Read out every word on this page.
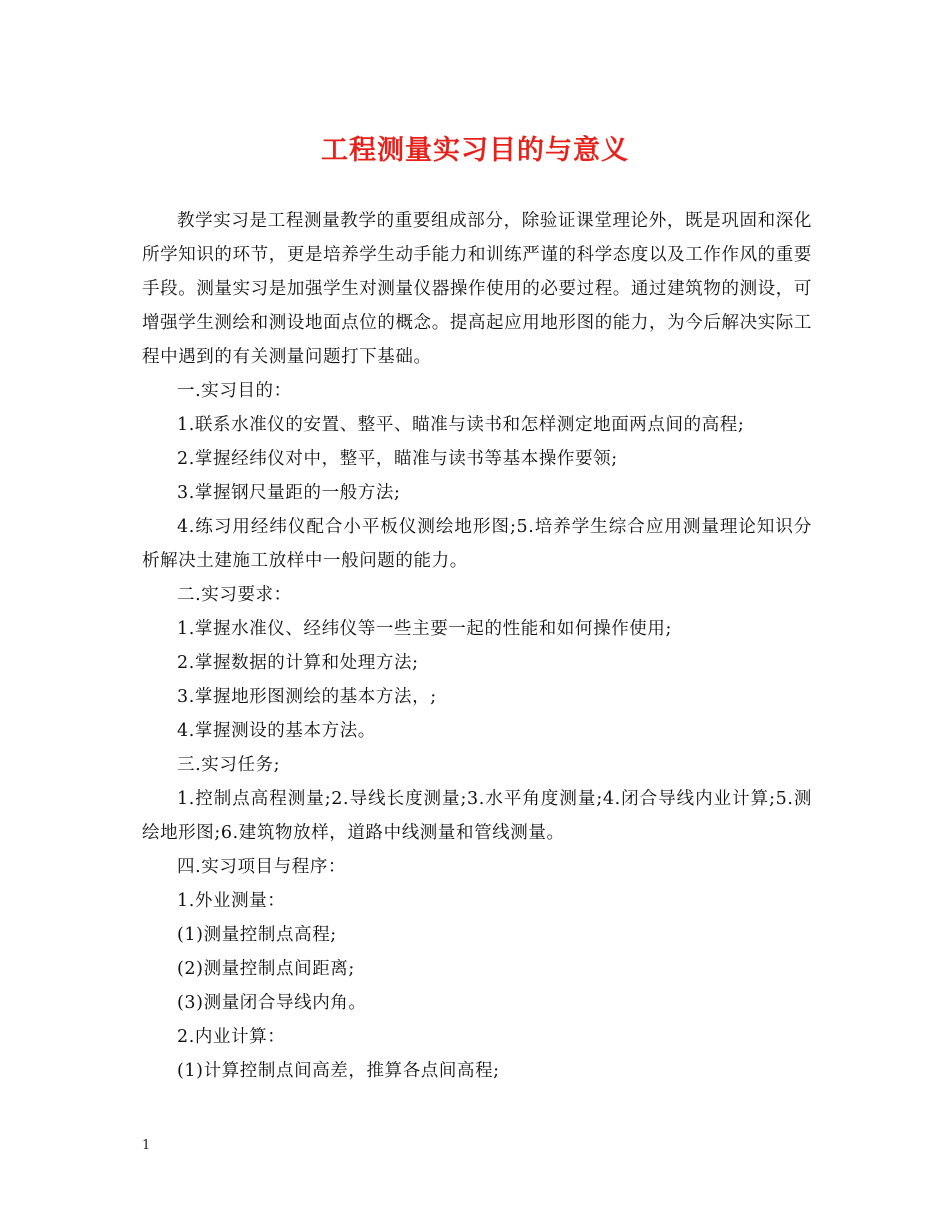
工程测量实习目的与意义

教学实习是工程测量教学的重要组成部分，除验证课堂理论外，既是巩固和深化所学知识的环节，更是培养学生动手能力和训练严谨的科学态度以及工作作风的重要手段。测量实习是加强学生对测量仪器操作使用的必要过程。通过建筑物的测设，可增强学生测绘和测设地面点位的概念。提高起应用地形图的能力，为今后解决实际工程中遇到的有关测量问题打下基础。

一.实习目的：

1.联系水准仪的安置、整平、瞄准与读书和怎样测定地面两点间的高程;

2.掌握经纬仪对中，整平，瞄准与读书等基本操作要领;

3.掌握钢尺量距的一般方法;

4.练习用经纬仪配合小平板仪测绘地形图;5.培养学生综合应用测量理论知识分析解决土建施工放样中一般问题的能力。

二.实习要求：

1.掌握水准仪、经纬仪等一些主要一起的性能和如何操作使用;

2.掌握数据的计算和处理方法;

3.掌握地形图测绘的基本方法，;

4.掌握测设的基本方法。

三.实习任务;

1.控制点高程测量;2.导线长度测量;3.水平角度测量;4.闭合导线内业计算;5.测绘地形图;6.建筑物放样，道路中线测量和管线测量。

四.实习项目与程序：

1.外业测量：

(1)测量控制点高程;

(2)测量控制点间距离;

(3)测量闭合导线内角。

2.内业计算：

(1)计算控制点间高差，推算各点间高程;

1
